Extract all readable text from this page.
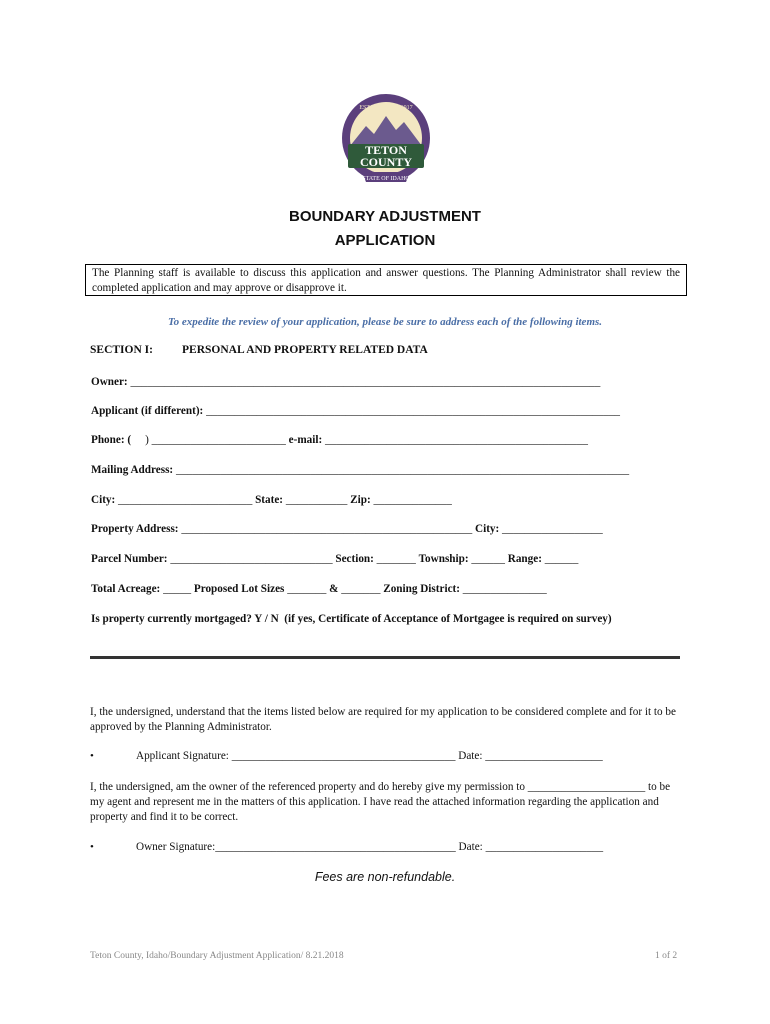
TETON
COUNTY
STATE OF IDAHO
ESTABLISHED 1917
BOUNDARY ADJUSTMENT
APPLICATION
The Planning staff is available to discuss this application and answer questions. The Planning Administrator shall review the completed application and may approve or disapprove it.
To expedite the review of your application, please be sure to address each of the following items.
SECTION I:	PERSONAL AND PROPERTY RELATED DATA
Owner: ____________________________________________________________________________________
Applicant (if different): __________________________________________________________________________
Phone: (     ) ________________________ e-mail: _______________________________________________
Mailing Address: _________________________________________________________________________________
City: ________________________ State: ___________ Zip: ______________
Property Address: ____________________________________________________ City: __________________
Parcel Number: _____________________________ Section: _______ Township: ______ Range: ______
Total Acreage: _____ Proposed Lot Sizes _______ & _______ Zoning District: _______________
Is property currently mortgaged? Y / N  (if yes, Certificate of Acceptance of Mortgagee is required on survey)
I, the undersigned, understand that the items listed below are required for my application to be considered complete and for it to be approved by the Planning Administrator.
•	Applicant Signature: ________________________________________ Date: _____________________
I, the undersigned, am the owner of the referenced property and do hereby give my permission to _____________________ to be my agent and represent me in the matters of this application. I have read the attached information regarding the application and property and find it to be correct.
•	Owner Signature:___________________________________________ Date: _____________________
Fees are non-refundable.
Teton County, Idaho/Boundary Adjustment Application/ 8.21.2018	1 of 2
